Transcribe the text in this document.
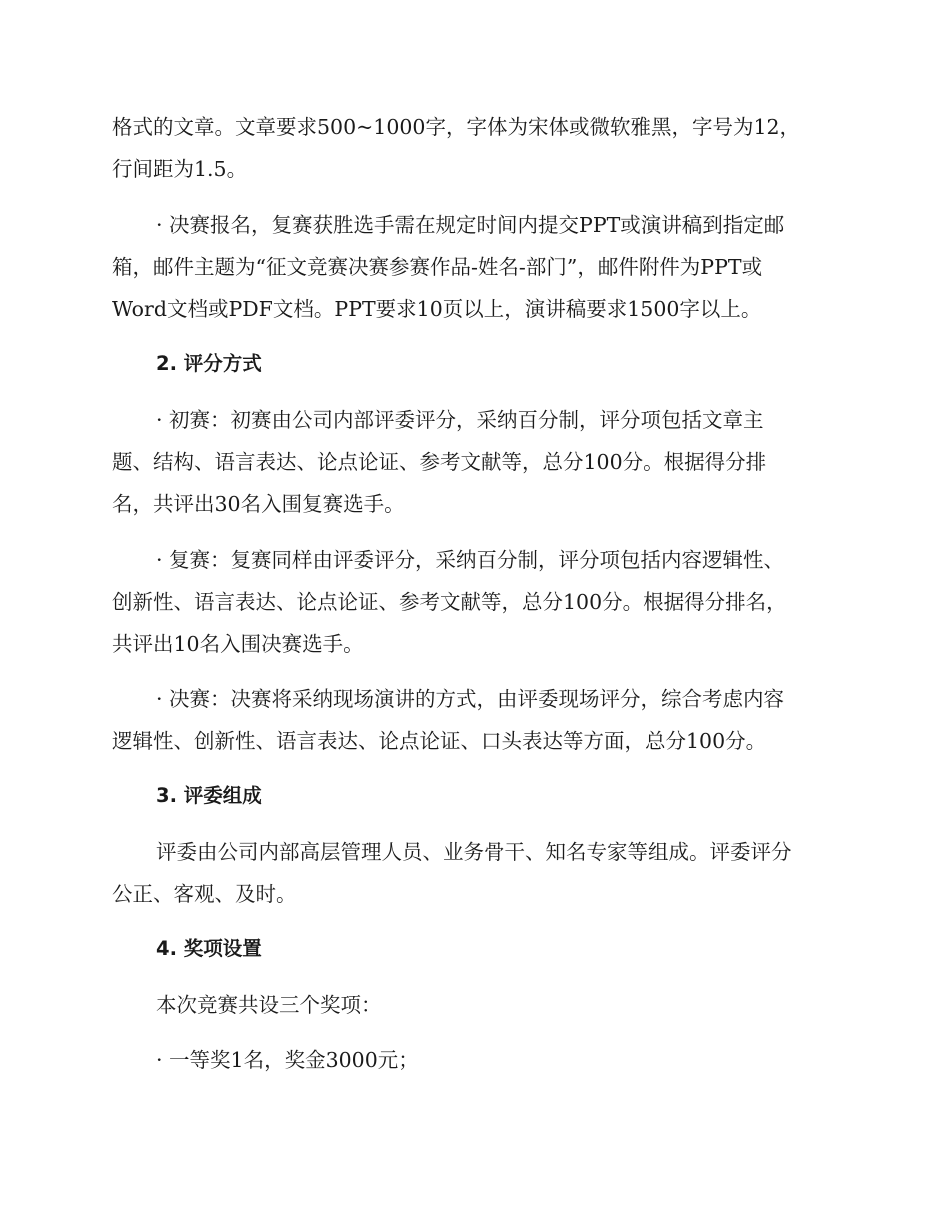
格式的文章。文章要求500~1000字，字体为宋体或微软雅黑，字号为12，
行间距为1.5。
· 决赛报名，复赛获胜选手需在规定时间内提交PPT或演讲稿到指定邮
箱，邮件主题为“征文竞赛决赛参赛作品-姓名-部门”，邮件附件为PPT或
Word文档或PDF文档。PPT要求10页以上，演讲稿要求1500字以上。
2. 评分方式
· 初赛：初赛由公司内部评委评分，采纳百分制，评分项包括文章主
题、结构、语言表达、论点论证、参考文献等，总分100分。根据得分排
名，共评出30名入围复赛选手。
· 复赛：复赛同样由评委评分，采纳百分制，评分项包括内容逻辑性、
创新性、语言表达、论点论证、参考文献等，总分100分。根据得分排名，
共评出10名入围决赛选手。
· 决赛：决赛将采纳现场演讲的方式，由评委现场评分，综合考虑内容
逻辑性、创新性、语言表达、论点论证、口头表达等方面，总分100分。
3. 评委组成
评委由公司内部高层管理人员、业务骨干、知名专家等组成。评委评分
公正、客观、及时。
4. 奖项设置
本次竞赛共设三个奖项：
· 一等奖1名，奖金3000元；
